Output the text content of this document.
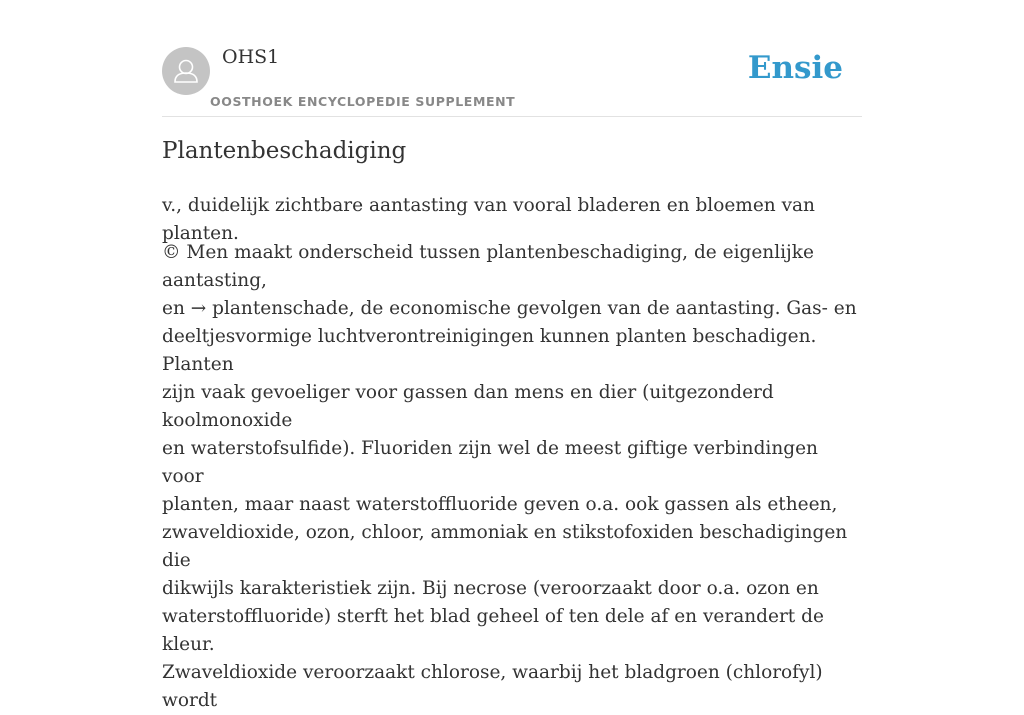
OHS1
OOSTHOEK ENCYCLOPEDIE SUPPLEMENT
Ensie
Plantenbeschadiging

v., duidelijk zichtbare aantasting van vooral bladeren en bloemen van planten.

© Men maakt onderscheid tussen plantenbeschadiging, de eigenlijke aantasting,
en → plantenschade, de economische gevolgen van de aantasting. Gas- en
deeltjesvormige luchtverontreinigingen kunnen planten beschadigen. Planten
zijn vaak gevoeliger voor gassen dan mens en dier (uitgezonderd koolmonoxide
en waterstofsulfide). Fluoriden zijn wel de meest giftige verbindingen voor
planten, maar naast waterstoffluoride geven o.a. ook gassen als etheen,
zwaveldioxide, ozon, chloor, ammoniak en stikstofoxiden beschadigingen die
dikwijls karakteristiek zijn. Bij necrose (veroorzaakt door o.a. ozon en
waterstoffluoride) sterft het blad geheel of ten dele af en verandert de kleur.
Zwaveldioxide veroorzaakt chlorose, waarbij het bladgroen (chlorofyl) wordt
